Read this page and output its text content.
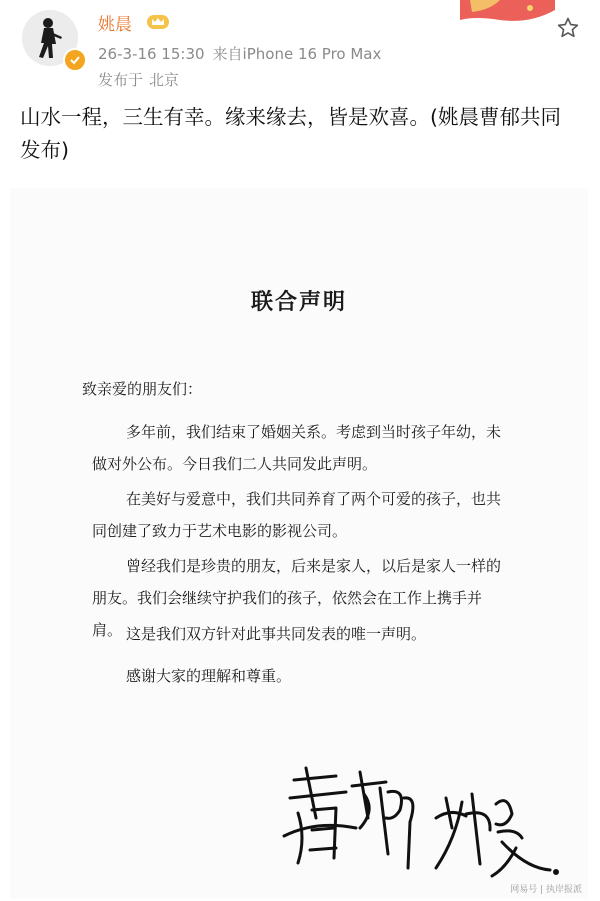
姚晨
26-3-16 15:30 来自iPhone 16 Pro Max
发布于 北京
山水一程，三生有幸。缘来缘去，皆是欢喜。(姚晨曹郁共同发布)
联合声明
致亲爱的朋友们：
多年前，我们结束了婚姻关系。考虑到当时孩子年幼，未
做对外公布。今日我们二人共同发此声明。
在美好与爱意中，我们共同养育了两个可爱的孩子，也共
同创建了致力于艺术电影的影视公司。
曾经我们是珍贵的朋友，后来是家人，以后是家人一样的
朋友。我们会继续守护我们的孩子，依然会在工作上携手并肩。 这是我们双方针对此事共同发表的唯一声明。
感谢大家的理解和尊重。
网易号 | 执岸报派
